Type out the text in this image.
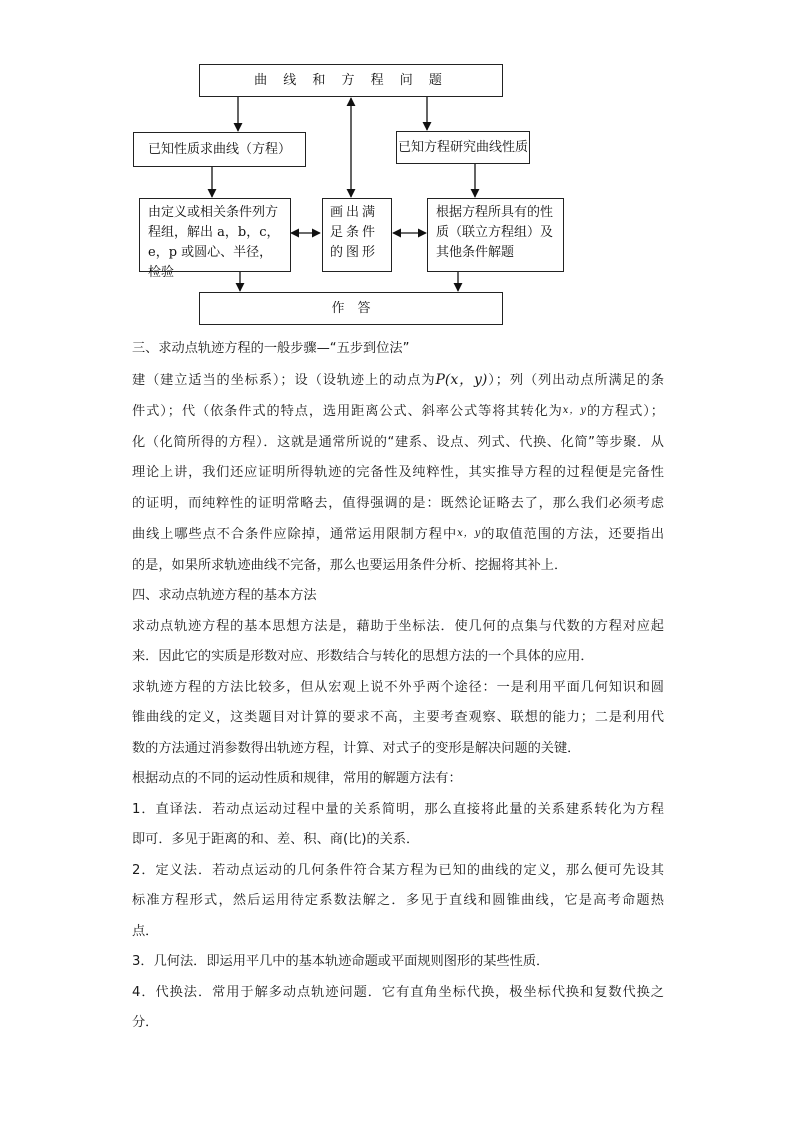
曲 线 和 方 程 问 题
已知性质求曲线（方程）	已知方程研究曲线性质
由定义或相关条件列方程组，解出 a，b，c，e，p 或圆心、半径，检验
画出满足条件的图形
根据方程所具有的性质（联立方程组）及其他条件解题
作　答

三、求动点轨迹方程的一般步骤—“五步到位法”

建（建立适当的坐标系）；设（设轨迹上的动点为P(x，y)）；列（列出动点所满足的条

件式）；代（依条件式的特点，选用距离公式、斜率公式等将其转化为x，y的方程式）；

化（化简所得的方程）．这就是通常所说的“建系、设点、列式、代换、化简”等步聚．从

理论上讲，我们还应证明所得轨迹的完备性及纯粹性，其实推导方程的过程便是完备性

的证明，而纯粹性的证明常略去，值得强调的是：既然论证略去了，那么我们必须考虑

曲线上哪些点不合条件应除掉，通常运用限制方程中x，y的取值范围的方法，还要指出

的是，如果所求轨迹曲线不完备，那么也要运用条件分析、挖掘将其补上．

四、求动点轨迹方程的基本方法

求动点轨迹方程的基本思想方法是，藉助于坐标法．使几何的点集与代数的方程对应起

来．因此它的实质是形数对应、形数结合与转化的思想方法的一个具体的应用．

求轨迹方程的方法比较多，但从宏观上说不外乎两个途径：一是利用平面几何知识和圆

锥曲线的定义，这类题目对计算的要求不高，主要考查观察、联想的能力；二是利用代

数的方法通过消参数得出轨迹方程，计算、对式子的变形是解决问题的关键．

根据动点的不同的运动性质和规律，常用的解题方法有：

1．直译法．若动点运动过程中量的关系简明，那么直接将此量的关系建系转化为方程

即可．多见于距离的和、差、积、商(比)的关系．

2．定义法．若动点运动的几何条件符合某方程为已知的曲线的定义，那么便可先设其

标准方程形式，然后运用待定系数法解之．多见于直线和圆锥曲线，它是高考命题热

点．

3．几何法．即运用平几中的基本轨迹命题或平面规则图形的某些性质．

4．代换法．常用于解多动点轨迹问题．它有直角坐标代换，极坐标代换和复数代换之

分．
